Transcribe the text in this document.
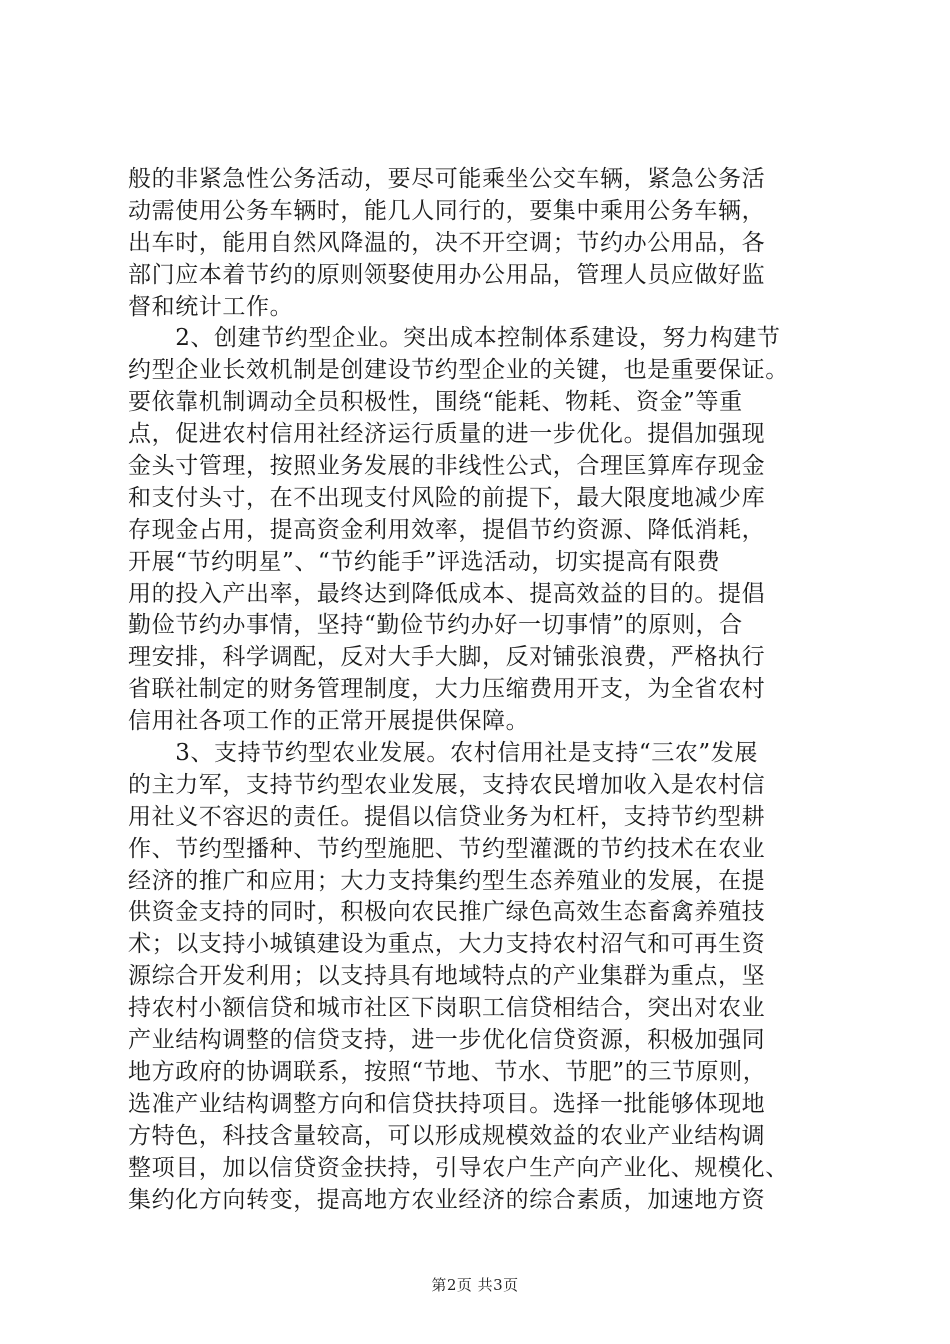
般的非紧急性公务活动，要尽可能乘坐公交车辆，紧急公务活
动需使用公务车辆时，能几人同行的，要集中乘用公务车辆，
出车时，能用自然风降温的，决不开空调；节约办公用品，各
部门应本着节约的原则领娶使用办公用品，管理人员应做好监
督和统计工作。
　　2、创建节约型企业。突出成本控制体系建设，努力构建节
约型企业长效机制是创建设节约型企业的关键，也是重要保证。
要依靠机制调动全员积极性，围绕“能耗、物耗、资金”等重
点，促进农村信用社经济运行质量的进一步优化。提倡加强现
金头寸管理，按照业务发展的非线性公式，合理匡算库存现金
和支付头寸，在不出现支付风险的前提下，最大限度地减少库
存现金占用，提高资金利用效率，提倡节约资源、降低消耗，
开展“节约明星”、“节约能手”评选活动，切实提高有限费
用的投入产出率，最终达到降低成本、提高效益的目的。提倡
勤俭节约办事情，坚持“勤俭节约办好一切事情”的原则，合
理安排，科学调配，反对大手大脚，反对铺张浪费，严格执行
省联社制定的财务管理制度，大力压缩费用开支，为全省农村
信用社各项工作的正常开展提供保障。
　　3、支持节约型农业发展。农村信用社是支持“三农”发展
的主力军，支持节约型农业发展，支持农民增加收入是农村信
用社义不容迟的责任。提倡以信贷业务为杠杆，支持节约型耕
作、节约型播种、节约型施肥、节约型灌溉的节约技术在农业
经济的推广和应用；大力支持集约型生态养殖业的发展，在提
供资金支持的同时，积极向农民推广绿色高效生态畜禽养殖技
术；以支持小城镇建设为重点，大力支持农村沼气和可再生资
源综合开发利用；以支持具有地域特点的产业集群为重点，坚
持农村小额信贷和城市社区下岗职工信贷相结合，突出对农业
产业结构调整的信贷支持，进一步优化信贷资源，积极加强同
地方政府的协调联系，按照“节地、节水、节肥”的三节原则，
选准产业结构调整方向和信贷扶持项目。选择一批能够体现地
方特色，科技含量较高，可以形成规模效益的农业产业结构调
整项目，加以信贷资金扶持，引导农户生产向产业化、规模化、
集约化方向转变，提高地方农业经济的综合素质，加速地方资
第2页 共3页
